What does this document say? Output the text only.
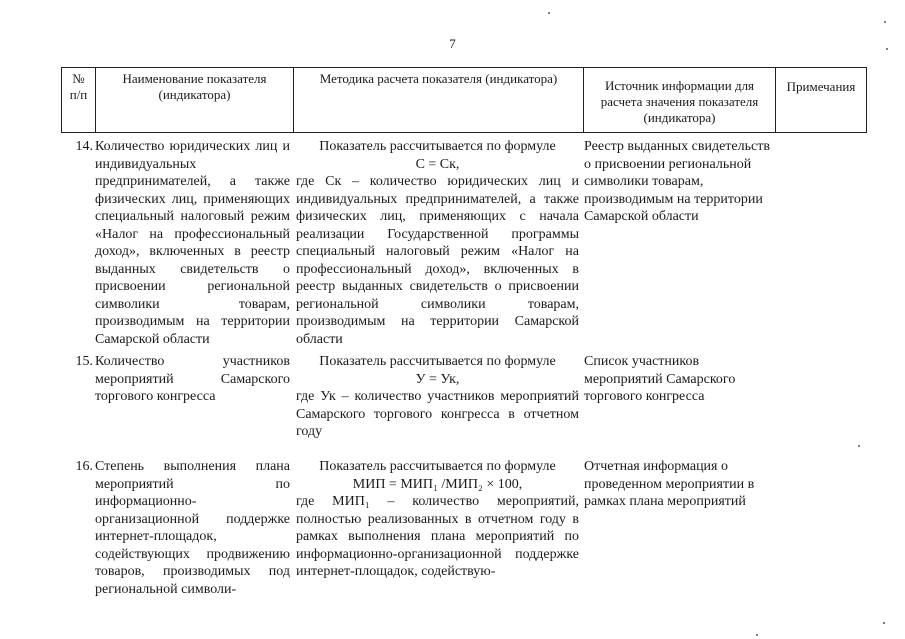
7
№
п/п
Наименование показателя (индикатора)
Методика расчета показателя (индикатора)	Источник информации для расчета значения показателя (индикатора)
Примечания
14. Количество юридических лиц и индивидуальных предпринимателей, а также физических лиц, применяющих специальный налоговый режим «Налог на профессиональный доход», включенных в реестр выданных свидетельств о присвоении региональной символики товарам, производимым на территории Самарской области
Показатель рассчитывается по формуле
С = Ск,
где Ск – количество юридических лиц и индивидуальных предпринимателей, а также физических лиц, применяющих с начала реализации Государственной программы специальный налоговый режим «Налог на профессиональный доход», включенных в реестр выданных свидетельств о присвоении региональной символики товарам, производимым на территории Самарской области
Реестр выданных свидетельств о присвоении региональной символики товарам, производимым на территории Самарской области
15. Количество участников мероприятий Самарского торгового конгресса
Показатель рассчитывается по формуле
У = Ук,
где Ук – количество участников мероприятий Самарского торгового конгресса в отчетном году
Список участников мероприятий Самарского торгового конгресса
16. Степень выполнения плана мероприятий по информационно-организационной поддержке интернет-площадок, содействующих продвижению товаров, производимых под региональной символи-
Показатель рассчитывается по формуле
МИП = МИП₁ /МИП₂ × 100,
где МИП₁ – количество мероприятий, полностью реализованных в отчетном году в рамках выполнения плана мероприятий по информационно-организационной поддержке интернет-площадок, содействую-
Отчетная информация о проведенном мероприятии в рамках плана мероприятий
